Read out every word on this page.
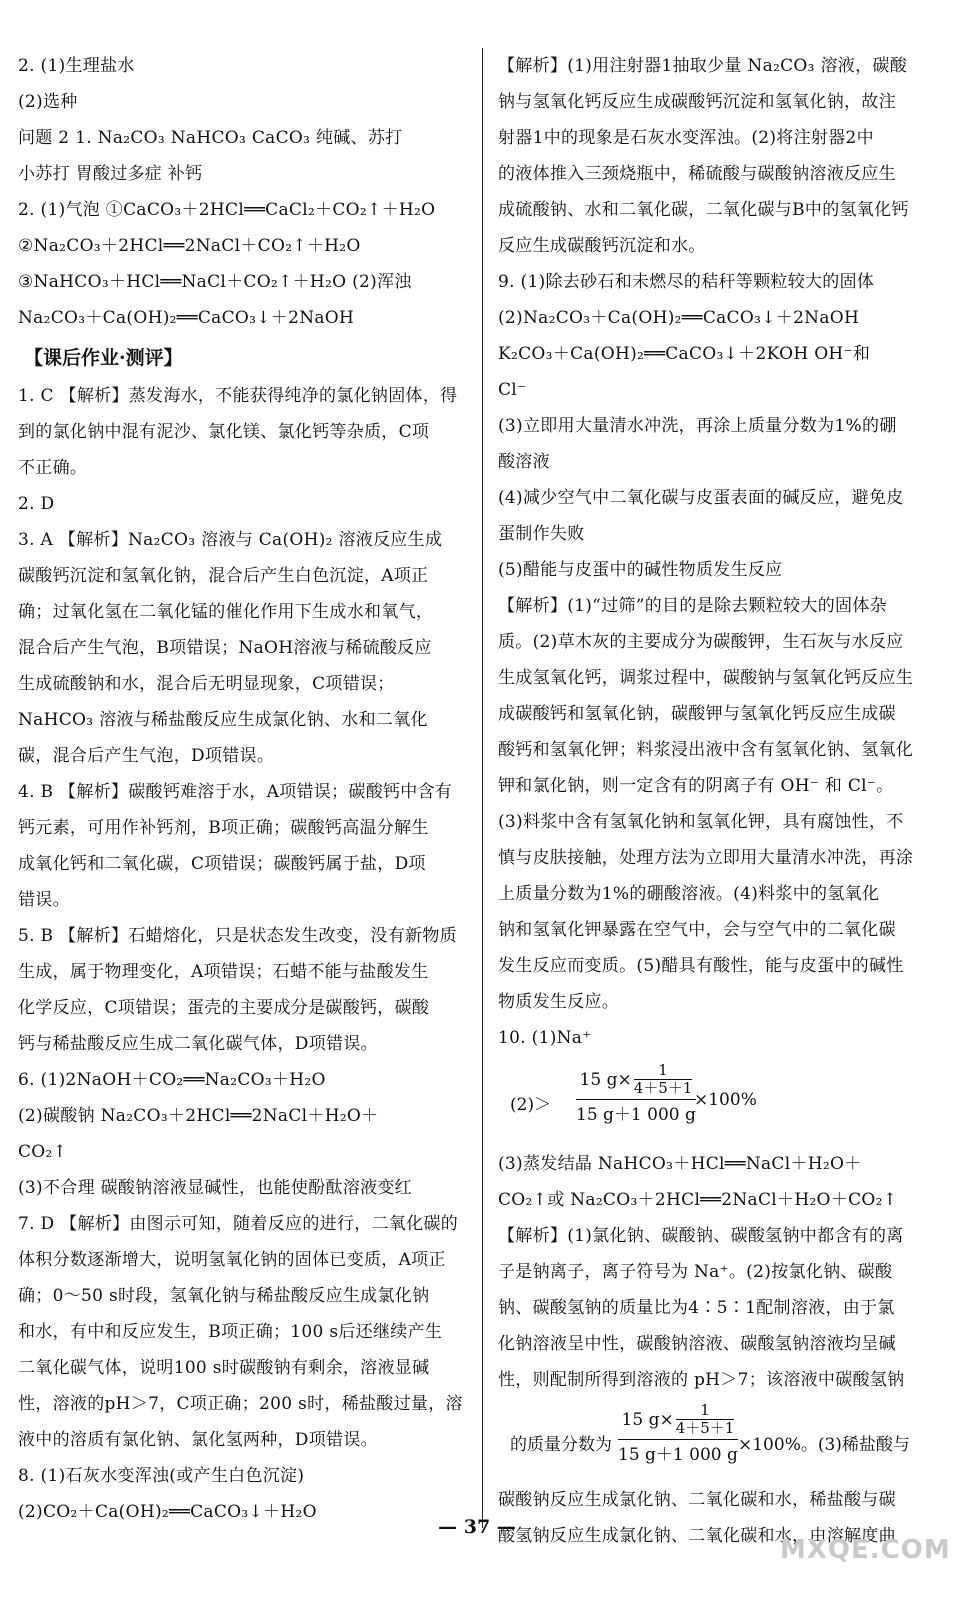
2. (1)生理盐水
(2)选种
问题 2 1. Na₂CO₃ NaHCO₃ CaCO₃ 纯碱、苏打
小苏打 胃酸过多症 补钙
2. (1)气泡 ①CaCO₃＋2HCl══CaCl₂＋CO₂↑＋H₂O
②Na₂CO₃＋2HCl══2NaCl＋CO₂↑＋H₂O
③NaHCO₃＋HCl══NaCl＋CO₂↑＋H₂O (2)浑浊
Na₂CO₃＋Ca(OH)₂══CaCO₃↓＋2NaOH
【课后作业·测评】
1. C 【解析】蒸发海水，不能获得纯净的氯化钠固体，得
到的氯化钠中混有泥沙、氯化镁、氯化钙等杂质，C项
不正确。
2. D
3. A 【解析】Na₂CO₃ 溶液与 Ca(OH)₂ 溶液反应生成
碳酸钙沉淀和氢氧化钠，混合后产生白色沉淀，A项正
确；过氧化氢在二氧化锰的催化作用下生成水和氧气，
混合后产生气泡，B项错误；NaOH溶液与稀硫酸反应
生成硫酸钠和水，混合后无明显现象，C项错误；
NaHCO₃ 溶液与稀盐酸反应生成氯化钠、水和二氧化
碳，混合后产生气泡，D项错误。
4. B 【解析】碳酸钙难溶于水，A项错误；碳酸钙中含有
钙元素，可用作补钙剂，B项正确；碳酸钙高温分解生
成氧化钙和二氧化碳，C项错误；碳酸钙属于盐，D项
错误。
5. B 【解析】石蜡熔化，只是状态发生改变，没有新物质
生成，属于物理变化，A项错误；石蜡不能与盐酸发生
化学反应，C项错误；蛋壳的主要成分是碳酸钙，碳酸
钙与稀盐酸反应生成二氧化碳气体，D项错误。
6. (1)2NaOH＋CO₂══Na₂CO₃＋H₂O
(2)碳酸钠 Na₂CO₃＋2HCl══2NaCl＋H₂O＋
CO₂↑
(3)不合理 碳酸钠溶液显碱性，也能使酚酞溶液变红
7. D 【解析】由图示可知，随着反应的进行，二氧化碳的
体积分数逐渐增大，说明氢氧化钠的固体已变质，A项正
确；0～50 s时段，氢氧化钠与稀盐酸反应生成氯化钠
和水，有中和反应发生，B项正确；100 s后还继续产生
二氧化碳气体，说明100 s时碳酸钠有剩余，溶液显碱
性，溶液的pH＞7，C项正确；200 s时，稀盐酸过量，溶
液中的溶质有氯化钠、氯化氢两种，D项错误。
8. (1)石灰水变浑浊(或产生白色沉淀)
(2)CO₂＋Ca(OH)₂══CaCO₃↓＋H₂O
【解析】(1)用注射器1抽取少量 Na₂CO₃ 溶液，碳酸
钠与氢氧化钙反应生成碳酸钙沉淀和氢氧化钠，故注
射器1中的现象是石灰水变浑浊。(2)将注射器2中
的液体推入三颈烧瓶中，稀硫酸与碳酸钠溶液反应生
成硫酸钠、水和二氧化碳，二氧化碳与B中的氢氧化钙
反应生成碳酸钙沉淀和水。
9. (1)除去砂石和未燃尽的秸秆等颗粒较大的固体
(2)Na₂CO₃＋Ca(OH)₂══CaCO₃↓＋2NaOH
K₂CO₃＋Ca(OH)₂══CaCO₃↓＋2KOH OH⁻和
Cl⁻
(3)立即用大量清水冲洗，再涂上质量分数为1%的硼
酸溶液
(4)减少空气中二氧化碳与皮蛋表面的碱反应，避免皮
蛋制作失败
(5)醋能与皮蛋中的碱性物质发生反应
【解析】(1)“过筛”的目的是除去颗粒较大的固体杂
质。(2)草木灰的主要成分为碳酸钾，生石灰与水反应
生成氢氧化钙，调浆过程中，碳酸钠与氢氧化钙反应生
成碳酸钙和氢氧化钠，碳酸钾与氢氧化钙反应生成碳
酸钙和氢氧化钾；料浆浸出液中含有氢氧化钠、氢氧化
钾和氯化钠，则一定含有的阴离子有 OH⁻ 和 Cl⁻。
(3)料浆中含有氢氧化钠和氢氧化钾，具有腐蚀性，不
慎与皮肤接触，处理方法为立即用大量清水冲洗，再涂
上质量分数为1%的硼酸溶液。(4)料浆中的氢氧化
钠和氢氧化钾暴露在空气中，会与空气中的二氧化碳
发生反应而变质。(5)醋具有酸性，能与皮蛋中的碱性
物质发生反应。
10. (1)Na⁺
(2)＞
15 $g\times \frac{1}{4+5+1}$
15 g＋1 000 g
×100%
(3)蒸发结晶 NaHCO₃＋HCl══NaCl＋H₂O＋
CO₂↑或 Na₂CO₃＋2HCl══2NaCl＋H₂O＋CO₂↑
【解析】(1)氯化钠、碳酸钠、碳酸氢钠中都含有的离
子是钠离子，离子符号为 Na⁺。(2)按氯化钠、碳酸
钠、碳酸氢钠的质量比为4∶5∶1配制溶液，由于氯
化钠溶液呈中性，碳酸钠溶液、碳酸氢钠溶液均呈碱
性，则配制所得到溶液的 pH＞7；该溶液中碳酸氢钠
的质量分数为
15 $g\times \frac{1}{4+5+1}$
15 g＋1 000 g ×100%。(3)稀盐酸与
碳酸钠反应生成氯化钠、二氧化碳和水，稀盐酸与碳
酸氢钠反应生成氯化钠、二氧化碳和水，由溶解度曲
— 37 —
MXQE.COM
